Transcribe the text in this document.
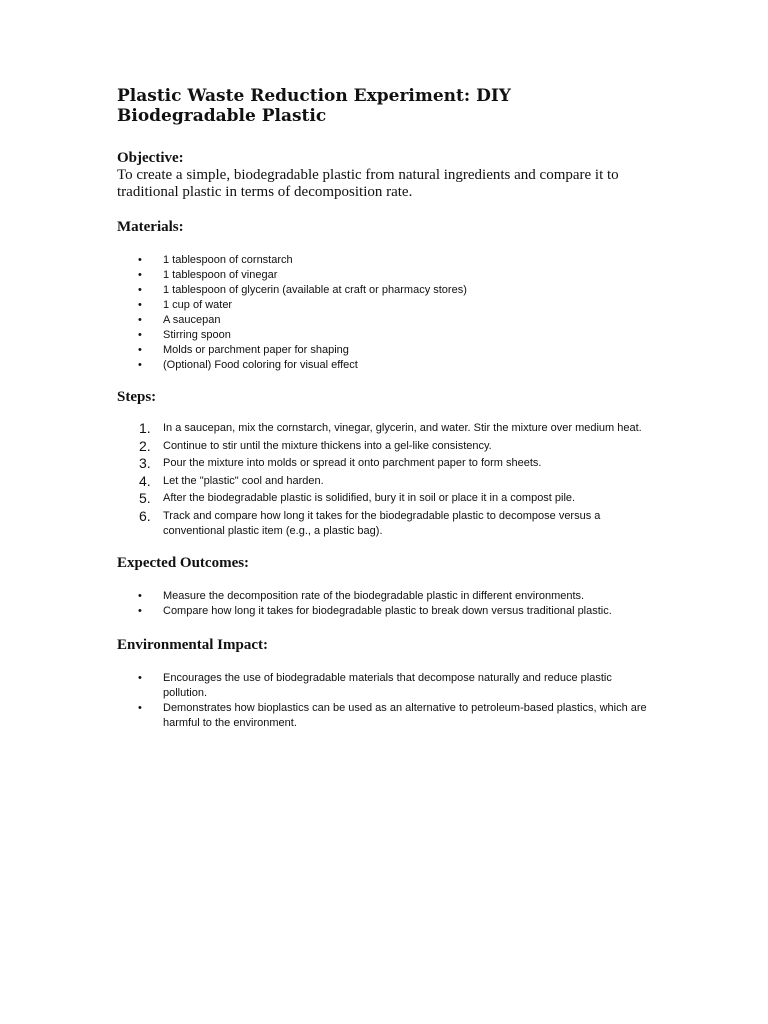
Plastic Waste Reduction Experiment: DIY
Biodegradable Plastic
Objective:

To create a simple, biodegradable plastic from natural ingredients and compare it to traditional plastic in terms of decomposition rate.

Materials:
• 1 tablespoon of cornstarch
• 1 tablespoon of vinegar
• 1 tablespoon of glycerin (available at craft or pharmacy stores)
• 1 cup of water
• A saucepan
• Stirring spoon
• Molds or parchment paper for shaping
• (Optional) Food coloring for visual effect
Steps:
1. In a saucepan, mix the cornstarch, vinegar, glycerin, and water. Stir the mixture over medium heat.
2. Continue to stir until the mixture thickens into a gel-like consistency.
3. Pour the mixture into molds or spread it onto parchment paper to form sheets.
4. Let the "plastic" cool and harden.
5. After the biodegradable plastic is solidified, bury it in soil or place it in a compost pile.
6. Track and compare how long it takes for the biodegradable plastic to decompose versus a conventional plastic item (e.g., a plastic bag).
Expected Outcomes:
• Measure the decomposition rate of the biodegradable plastic in different environments.
• Compare how long it takes for biodegradable plastic to break down versus traditional plastic.
Environmental Impact:
• Encourages the use of biodegradable materials that decompose naturally and reduce plastic pollution.
• Demonstrates how bioplastics can be used as an alternative to petroleum-based plastics, which are harmful to the environment.
